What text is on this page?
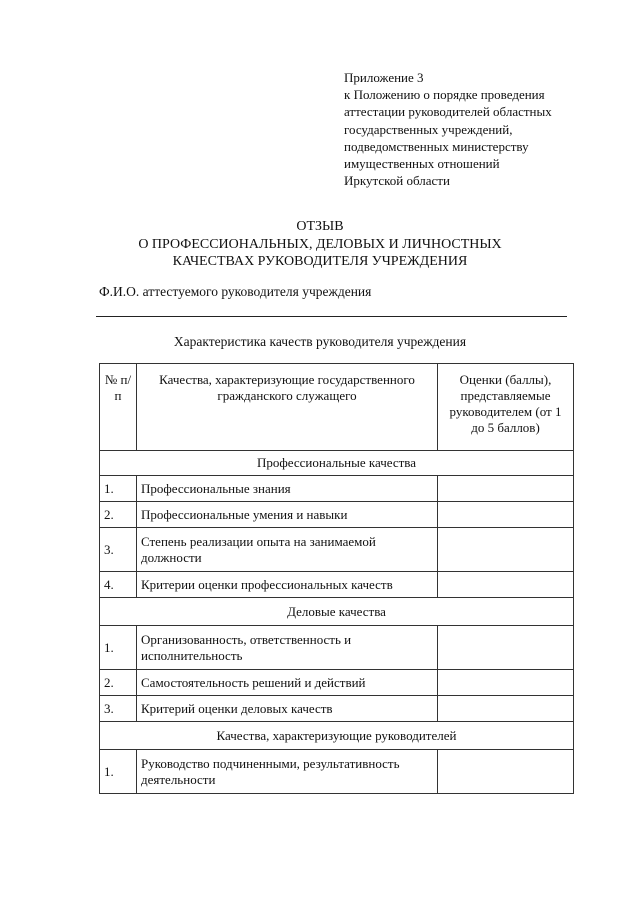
Приложение 3
к Положению о порядке проведения
аттестации руководителей областных
государственных учреждений,
подведомственных министерству
имущественных отношений
Иркутской области
ОТЗЫВ
О ПРОФЕССИОНАЛЬНЫХ, ДЕЛОВЫХ И ЛИЧНОСТНЫХ
КАЧЕСТВАХ РУКОВОДИТЕЛЯ УЧРЕЖДЕНИЯ
Ф.И.О. аттестуемого руководителя учреждения
Характеристика качеств руководителя учреждения
№ п/п	Качества, характеризующие государственного гражданского служащего	Оценки (баллы), представляемые руководителем (от 1 до 5 баллов)
Профессиональные качества		
1.	Профессиональные знания	
2.	Профессиональные умения и навыки	
3.	Степень реализации опыта на занимаемой должности	
4.	Критерии оценки профессиональных качеств	
Деловые качества		
1.	Организованность, ответственность и исполнительность	
2.	Самостоятельность решений и действий	
3.	Критерий оценки деловых качеств	
Качества, характеризующие руководителей		
1.	Руководство подчиненными, результативность деятельности	
